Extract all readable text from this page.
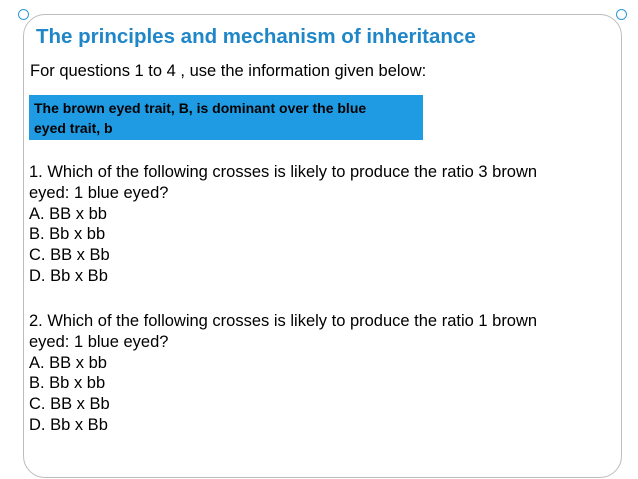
The principles and mechanism of inheritance

For questions 1 to 4 , use the information given below:

The brown eyed trait, B, is dominant over the blue
eyed trait, b
1. Which of the following crosses is likely to produce the ratio 3 brown
eyed: 1 blue eyed?
A. BB x bb
B. Bb x bb
C. BB x Bb
D. Bb x Bb
2. Which of the following crosses is likely to produce the ratio 1 brown
eyed: 1 blue eyed?
A. BB x bb
B. Bb x bb
C. BB x Bb
D. Bb x Bb
